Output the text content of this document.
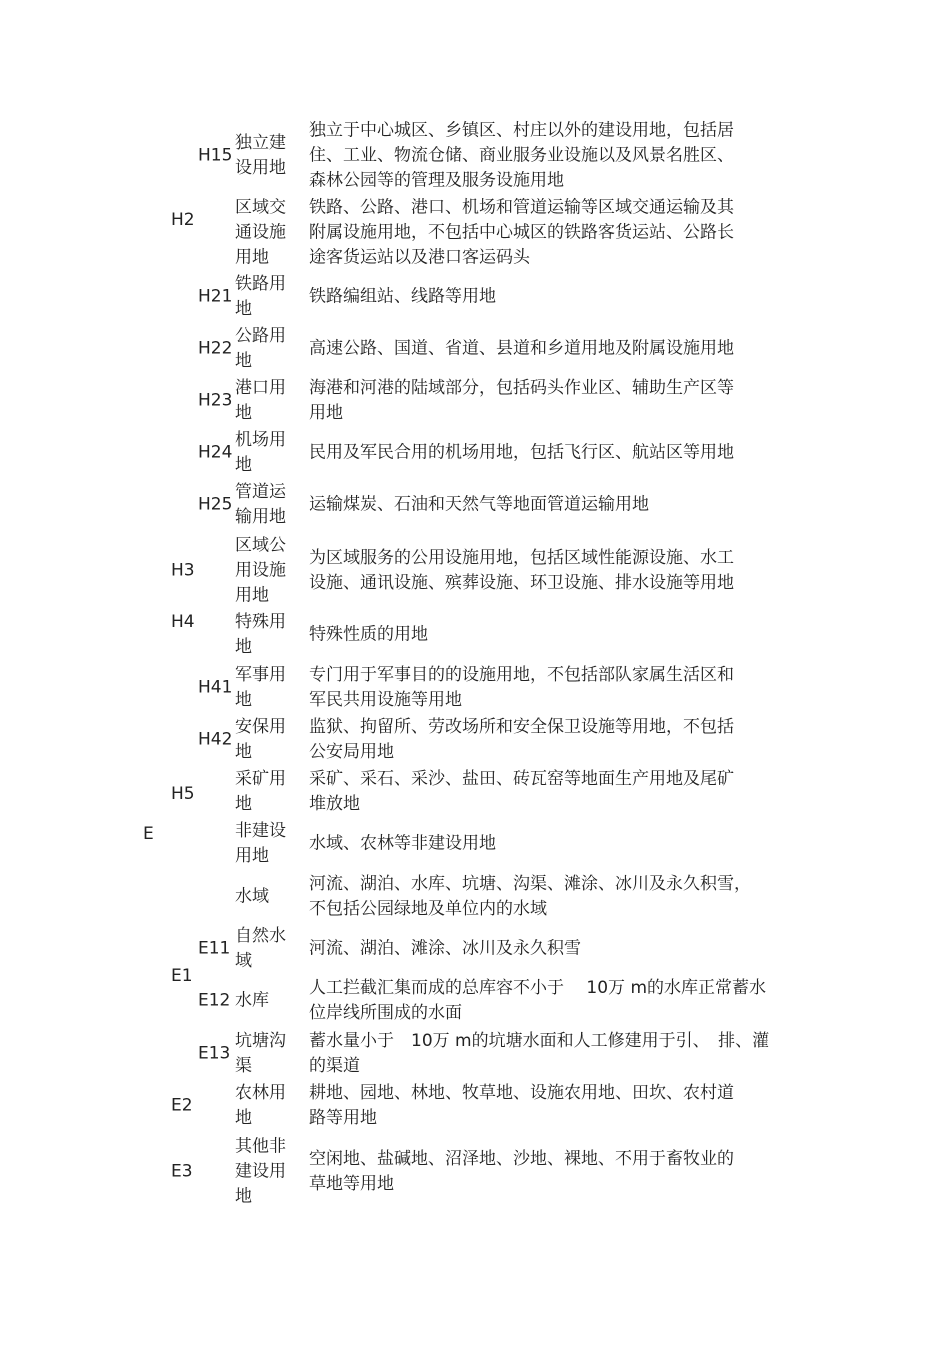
H15
独立建
设用地
独立于中心城区、乡镇区、村庄以外的建设用地，包括居
住、工业、物流仓储、商业服务业设施以及风景名胜区、
森林公园等的管理及服务设施用地
H2
区域交
通设施
用地
铁路、公路、港口、机场和管道运输等区域交通运输及其
附属设施用地，不包括中心城区的铁路客货运站、公路长
途客货运站以及港口客运码头
H21
铁路用
地
铁路编组站、线路等用地
H22
公路用
地
高速公路、国道、省道、县道和乡道用地及附属设施用地
H23
港口用
地
海港和河港的陆域部分，包括码头作业区、辅助生产区等
用地
H24
机场用
地
民用及军民合用的机场用地，包括飞行区、航站区等用地
H25
管道运
输用地
运输煤炭、石油和天然气等地面管道运输用地
H3
区域公
用设施
用地
为区域服务的公用设施用地，包括区域性能源设施、水工
设施、通讯设施、殡葬设施、环卫设施、排水设施等用地
H4 特殊用
地
特殊性质的用地
H41
军事用
地
专门用于军事目的的设施用地，不包括部队家属生活区和
军民共用设施等用地
H42
安保用
地
监狱、拘留所、劳改场所和安全保卫设施等用地，不包括
公安局用地
H5
采矿用
地
采矿、采石、采沙、盐田、砖瓦窑等地面生产用地及尾矿
堆放地
E	非建设
用地
水域、农林等非建设用地
水域
河流、湖泊、水库、坑塘、沟渠、滩涂、冰川及永久积雪，
不包括公园绿地及单位内的水域
E1
E11
自然水
域
河流、湖泊、滩涂、冰川及永久积雪
E12 水库
人工拦截汇集而成的总库容不小于　 10万 m的水库正常蓄水
位岸线所围成的水面
E13
坑塘沟
渠
蓄水量小于　10万 m的坑塘水面和人工修建用于引、　排、灌
的渠道
E2
农林用
地
耕地、园地、林地、牧草地、设施农用地、田坎、农村道
路等用地
E3
其他非
建设用
地
空闲地、盐碱地、沼泽地、沙地、裸地、不用于畜牧业的
草地等用地
